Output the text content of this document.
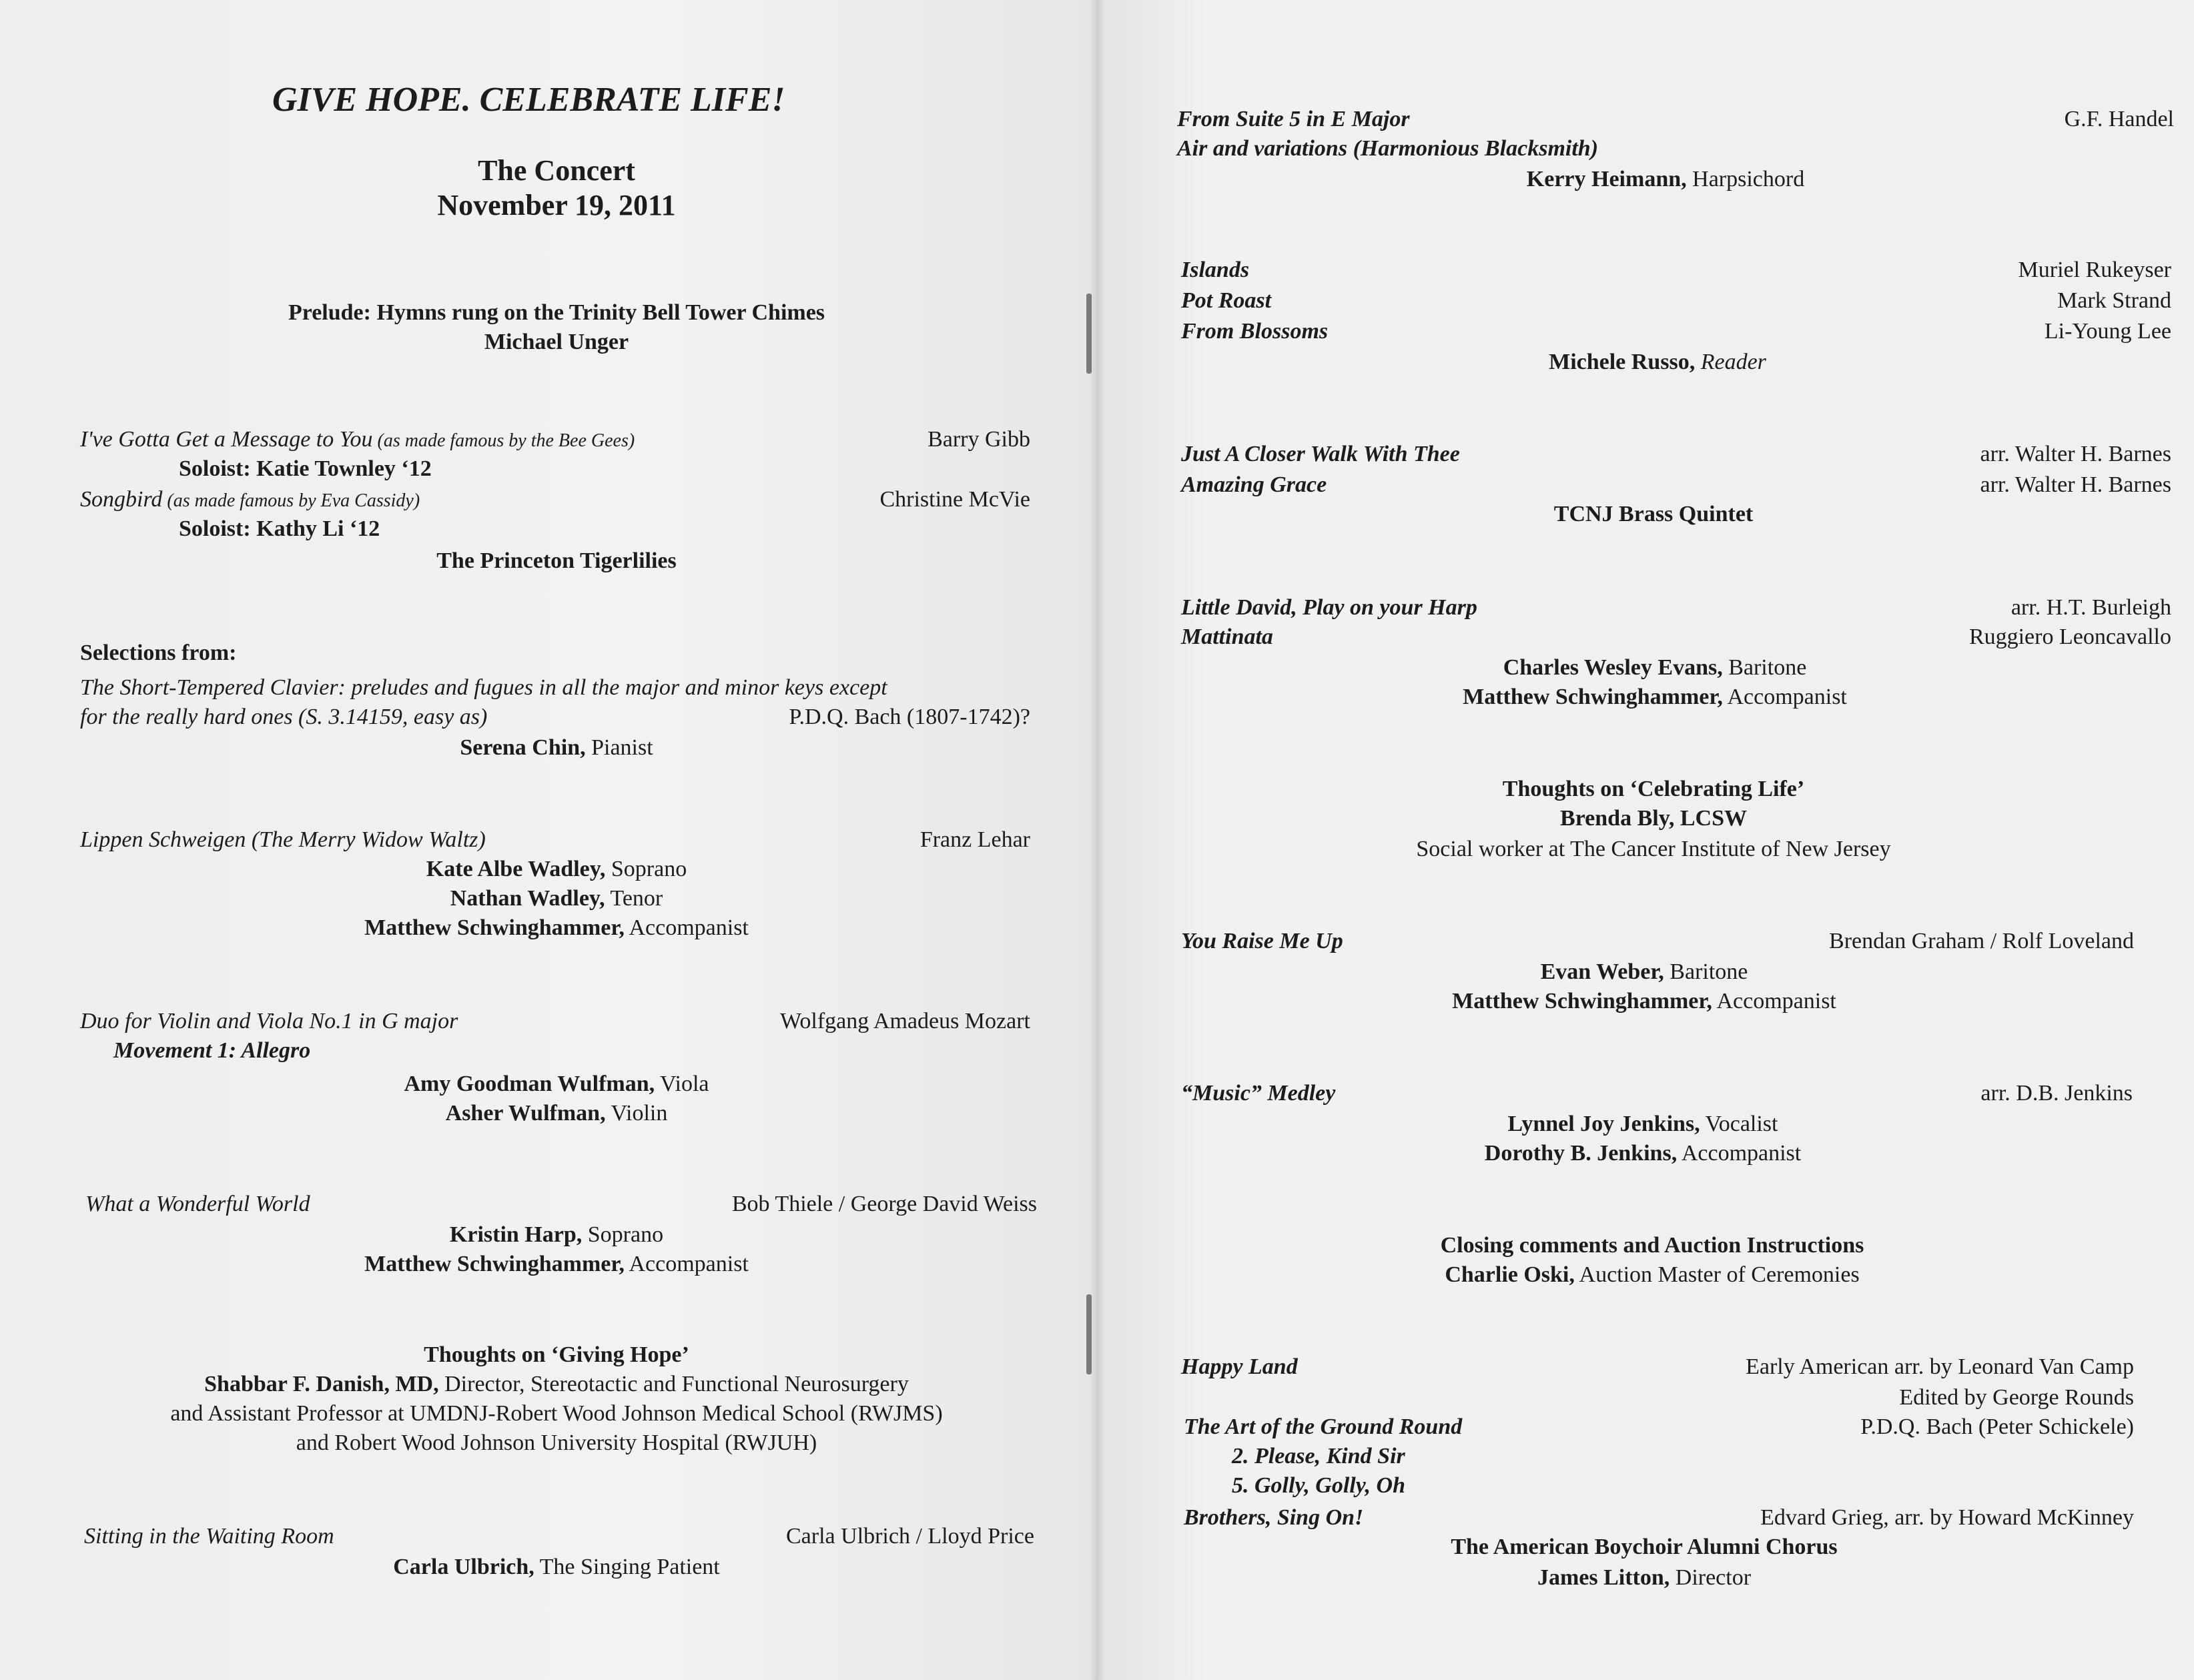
GIVE HOPE. CELEBRATE LIFE!
The Concert
November 19, 2011
Prelude: Hymns rung on the Trinity Bell Tower Chimes
Michael Unger
I've Gotta Get a Message to You (as made famous by the Bee Gees)	Barry Gibb
Soloist: Katie Townley ‘12
Songbird (as made famous by Eva Cassidy)	Christine McVie
Soloist: Kathy Li ‘12
The Princeton Tigerlilies
Selections from:
The Short-Tempered Clavier: preludes and fugues in all the major and minor keys except
for the really hard ones (S. 3.14159, easy as)	P.D.Q. Bach (1807-1742)?
Serena Chin, Pianist
Lippen Schweigen (The Merry Widow Waltz)	Franz Lehar
Kate Albe Wadley, Soprano
Nathan Wadley, Tenor
Matthew Schwinghammer, Accompanist
Duo for Violin and Viola No.1 in G major	Wolfgang Amadeus Mozart
Movement 1: Allegro
Amy Goodman Wulfman, Viola
Asher Wulfman, Violin
What a Wonderful World	Bob Thiele / George David Weiss
Kristin Harp, Soprano
Matthew Schwinghammer, Accompanist
Thoughts on ‘Giving Hope’
Shabbar F. Danish, MD, Director, Stereotactic and Functional Neurosurgery
and Assistant Professor at UMDNJ-Robert Wood Johnson Medical School (RWJMS)
and Robert Wood Johnson University Hospital (RWJUH)
Sitting in the Waiting Room	Carla Ulbrich / Lloyd Price
Carla Ulbrich, The Singing Patient
From Suite 5 in E Major	G.F. Handel
Air and variations (Harmonious Blacksmith)
Kerry Heimann, Harpsichord
Islands	Muriel Rukeyser
Pot Roast	Mark Strand
From Blossoms	Li-Young Lee
Michele Russo, Reader
Just A Closer Walk With Thee	arr. Walter H. Barnes
Amazing Grace	arr. Walter H. Barnes
TCNJ Brass Quintet
Little David, Play on your Harp	arr. H.T. Burleigh
Mattinata	Ruggiero Leoncavallo
Charles Wesley Evans, Baritone
Matthew Schwinghammer, Accompanist
Thoughts on ‘Celebrating Life’
Brenda Bly, LCSW
Social worker at The Cancer Institute of New Jersey
You Raise Me Up	Brendan Graham / Rolf Loveland
Evan Weber, Baritone
Matthew Schwinghammer, Accompanist
“Music” Medley	arr. D.B. Jenkins
Lynnel Joy Jenkins, Vocalist
Dorothy B. Jenkins, Accompanist
Closing comments and Auction Instructions
Charlie Oski, Auction Master of Ceremonies
Happy Land	Early American arr. by Leonard Van Camp
Edited by George Rounds
The Art of the Ground Round	P.D.Q. Bach (Peter Schickele)
2. Please, Kind Sir
5. Golly, Golly, Oh
Brothers, Sing On!	Edvard Grieg, arr. by Howard McKinney
The American Boychoir Alumni Chorus
James Litton, Director
